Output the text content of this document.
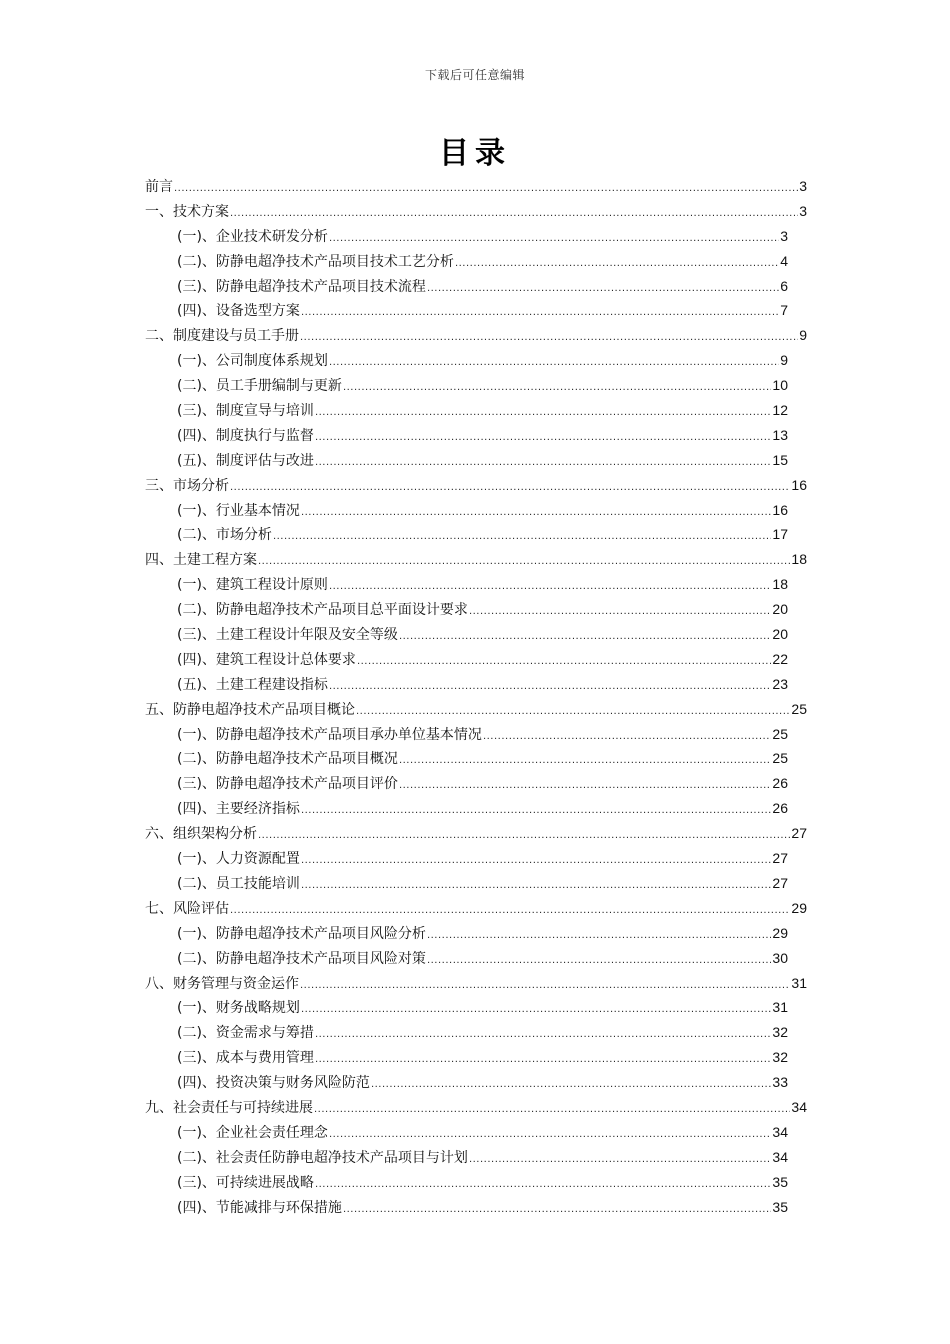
下载后可任意编辑
目录
前言 .....	3
一、技术方案 .....	3
(一)、企业技术研发分析 .....	3
(二)、防静电超净技术产品项目技术工艺分析 .....	4
(三)、防静电超净技术产品项目技术流程 .....	6
(四)、设备选型方案 .....	7
二、制度建设与员工手册 .....	9
(一)、公司制度体系规划 .....	9
(二)、员工手册编制与更新 .....	10
(三)、制度宣导与培训 .....	12
(四)、制度执行与监督 .....	13
(五)、制度评估与改进 .....	15
三、市场分析 .....	16
(一)、行业基本情况 .....	16
(二)、市场分析 .....	17
四、土建工程方案 .....	18
(一)、建筑工程设计原则 .....	18
(二)、防静电超净技术产品项目总平面设计要求 .....	20
(三)、土建工程设计年限及安全等级 .....	20
(四)、建筑工程设计总体要求 .....	22
(五)、土建工程建设指标 .....	23
五、防静电超净技术产品项目概论 .....	25
(一)、防静电超净技术产品项目承办单位基本情况 .....	25
(二)、防静电超净技术产品项目概况 .....	25
(三)、防静电超净技术产品项目评价 .....	26
(四)、主要经济指标 .....	26
六、组织架构分析 .....	27
(一)、人力资源配置 .....	27
(二)、员工技能培训 .....	27
七、风险评估 .....	29
(一)、防静电超净技术产品项目风险分析 .....	29
(二)、防静电超净技术产品项目风险对策 .....	30
八、财务管理与资金运作 .....	31
(一)、财务战略规划 .....	31
(二)、资金需求与筹措 .....	32
(三)、成本与费用管理 .....	32
(四)、投资决策与财务风险防范 .....	33
九、社会责任与可持续进展 .....	34
(一)、企业社会责任理念 .....	34
(二)、社会责任防静电超净技术产品项目与计划 .....	34
(三)、可持续进展战略 .....	35
(四)、节能减排与环保措施 .....	35
